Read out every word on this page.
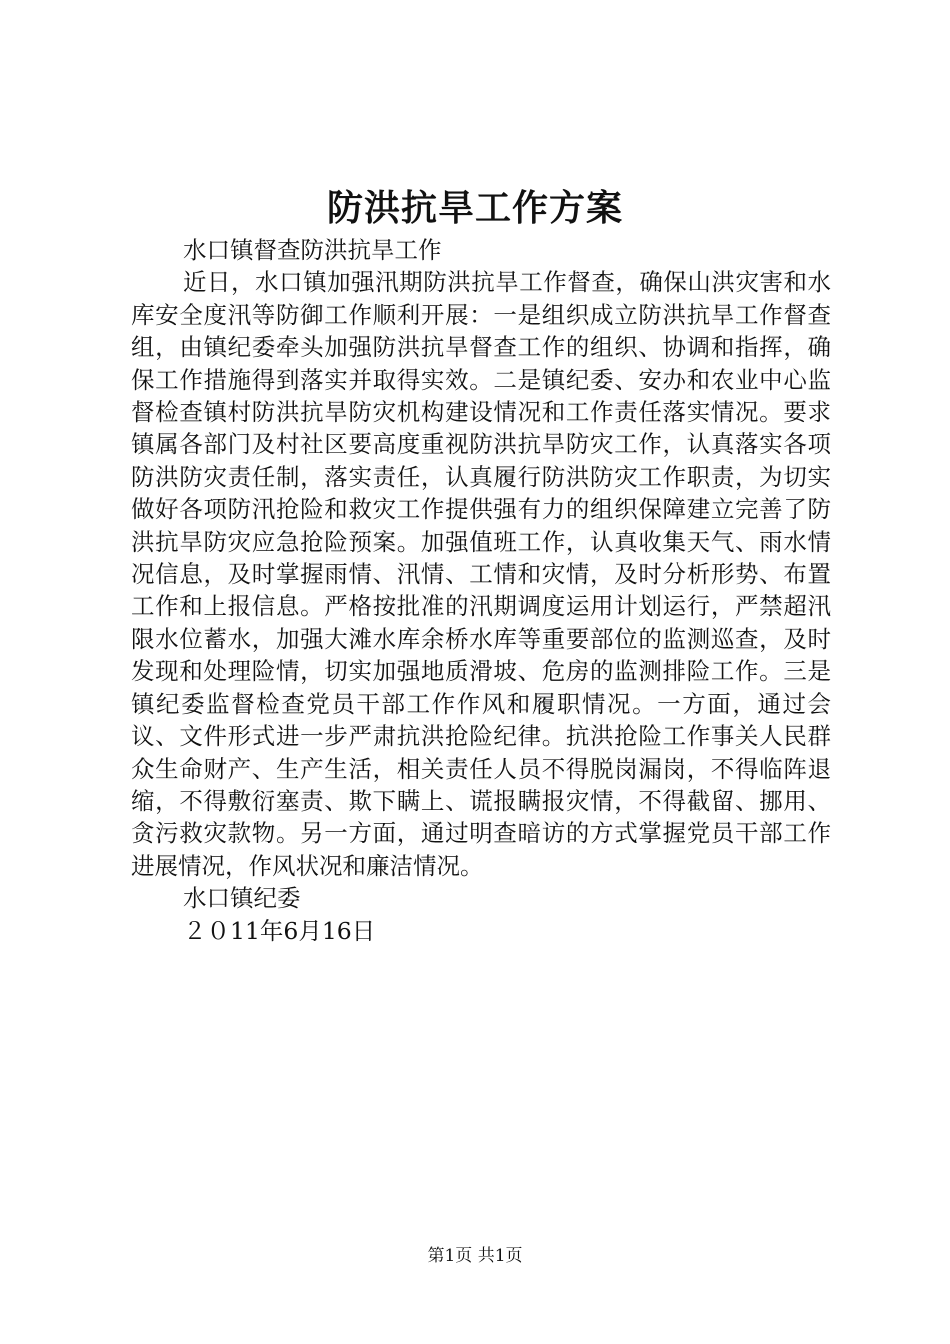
防洪抗旱工作方案

水口镇督查防洪抗旱工作

近日，水口镇加强汛期防洪抗旱工作督查，确保山洪灾害和水库安全度汛等防御工作顺利开展：一是组织成立防洪抗旱工作督查组，由镇纪委牵头加强防洪抗旱督查工作的组织、协调和指挥，确保工作措施得到落实并取得实效。二是镇纪委、安办和农业中心监督检查镇村防洪抗旱防灾机构建设情况和工作责任落实情况。要求镇属各部门及村社区要高度重视防洪抗旱防灾工作，认真落实各项防洪防灾责任制，落实责任，认真履行防洪防灾工作职责，为切实做好各项防汛抢险和救灾工作提供强有力的组织保障建立完善了防洪抗旱防灾应急抢险预案。加强值班工作，认真收集天气、雨水情况信息，及时掌握雨情、汛情、工情和灾情，及时分析形势、布置工作和上报信息。严格按批准的汛期调度运用计划运行，严禁超汛限水位蓄水，加强大滩水库余桥水库等重要部位的监测巡查，及时发现和处理险情，切实加强地质滑坡、危房的监测排险工作。三是镇纪委监督检查党员干部工作作风和履职情况。一方面，通过会议、文件形式进一步严肃抗洪抢险纪律。抗洪抢险工作事关人民群众生命财产、生产生活，相关责任人员不得脱岗漏岗，不得临阵退缩，不得敷衍塞责、欺下瞒上、谎报瞒报灾情，不得截留、挪用、贪污救灾款物。另一方面，通过明查暗访的方式掌握党员干部工作进展情况，作风状况和廉洁情况。

水口镇纪委

２０11年6月16日

第1页 共1页
